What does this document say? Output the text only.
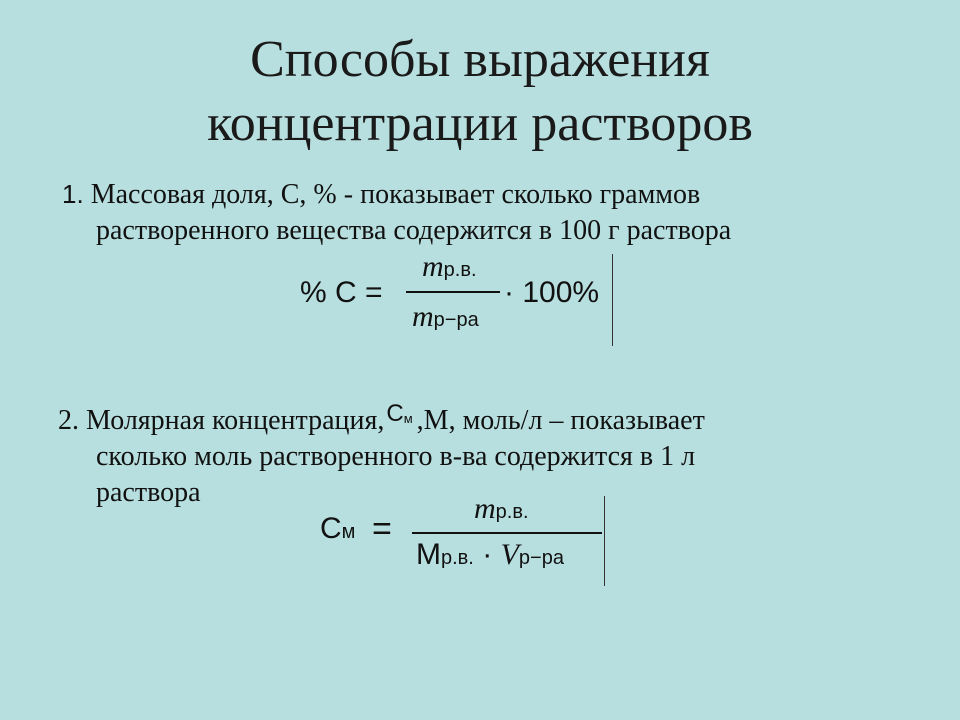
Способы выражения
концентрации растворов
1. Массовая доля, С, % - показывает сколько граммов
растворенного вещества содержится в 100 г раствора
% C =
mр.в.
mр−ра
· 100%
2. Молярная $концентрация,C_м$ ,М, моль/л – показывает
сколько моль растворенного в-ва содержится в 1 л
раствора
Cм =
mр.в.
Mр.в. · Vр−ра
